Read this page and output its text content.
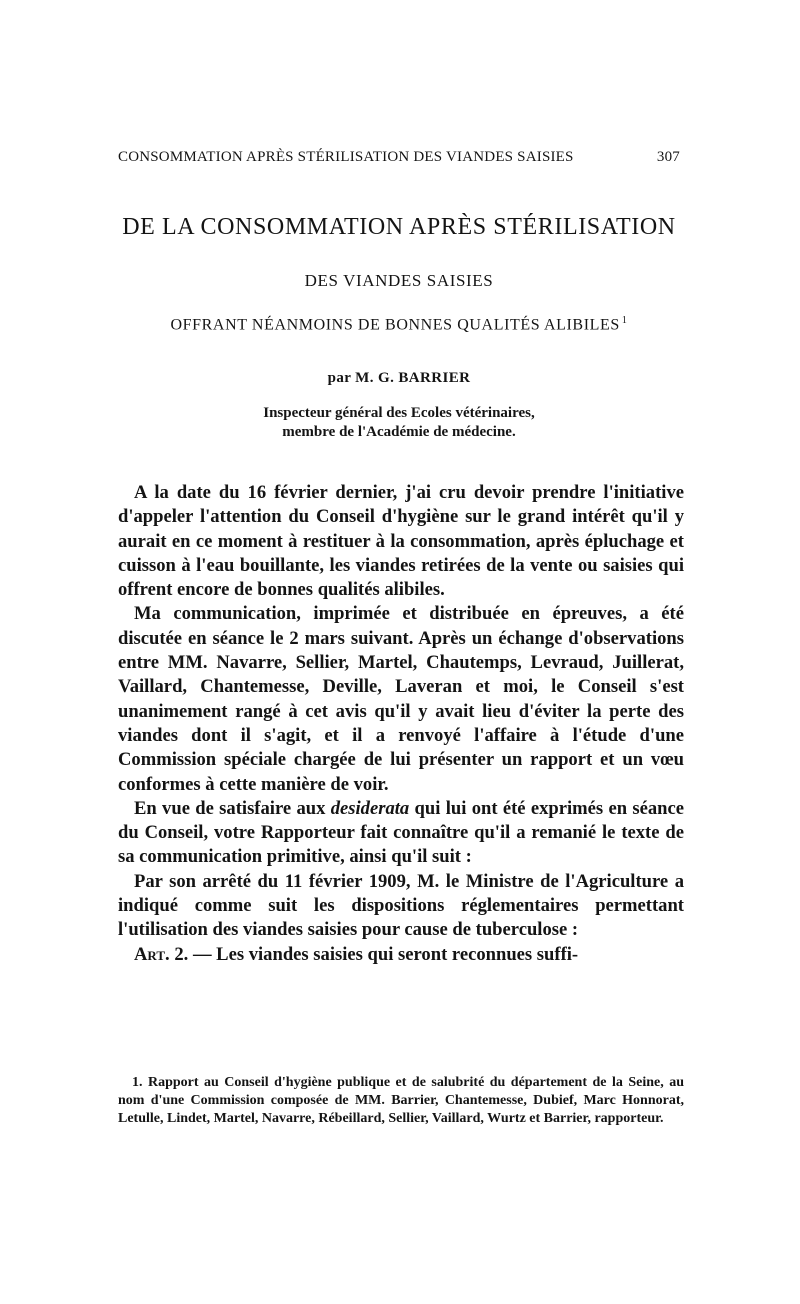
CONSOMMATION APRÈS STÉRILISATION DES VIANDES SAISIES	307
DE LA CONSOMMATION APRÈS STÉRILISATION
DES VIANDES SAISIES
OFFRANT NÉANMOINS DE BONNES QUALITÉS ALIBILES $^1$
par M. G. BARRIER
Inspecteur général des Ecoles vétérinaires,
membre de l'Académie de médecine.

A la date du 16 février dernier, j'ai cru devoir prendre l'initiative d'appeler l'attention du Conseil d'hygiène sur le grand intérêt qu'il y aurait en ce moment à restituer à la consommation, après épluchage et cuisson à l'eau bouillante, les viandes retirées de la vente ou saisies qui offrent encore de bonnes qualités alibiles.

Ma communication, imprimée et distribuée en épreuves, a été discutée en séance le 2 mars suivant. Après un échange d'observations entre MM. Navarre, Sellier, Martel, Chautemps, Levraud, Juillerat, Vaillard, Chantemesse, Deville, Laveran et moi, le Conseil s'est unanimement rangé à cet avis qu'il y avait lieu d'éviter la perte des viandes dont il s'agit, et il a renvoyé l'affaire à l'étude d'une Commission spéciale chargée de lui présenter un rapport et un vœu conformes à cette manière de voir.

En vue de satisfaire aux desiderata qui lui ont été exprimés en séance du Conseil, votre Rapporteur fait connaître qu'il a remanié le texte de sa communication primitive, ainsi qu'il suit :

Par son arrêté du 11 février 1909, M. le Ministre de l'Agriculture a indiqué comme suit les dispositions réglementaires permettant l'utilisation des viandes saisies pour cause de tuberculose :

Art. 2. — Les viandes saisies qui seront reconnues suffi-

1. Rapport au Conseil d'hygiène publique et de salubrité du département de la Seine, au nom d'une Commission composée de MM. Barrier, Chantemesse, Dubief, Marc Honnorat, Letulle, Lindet, Martel, Navarre, Rébeillard, Sellier, Vaillard, Wurtz et Barrier, rapporteur.
